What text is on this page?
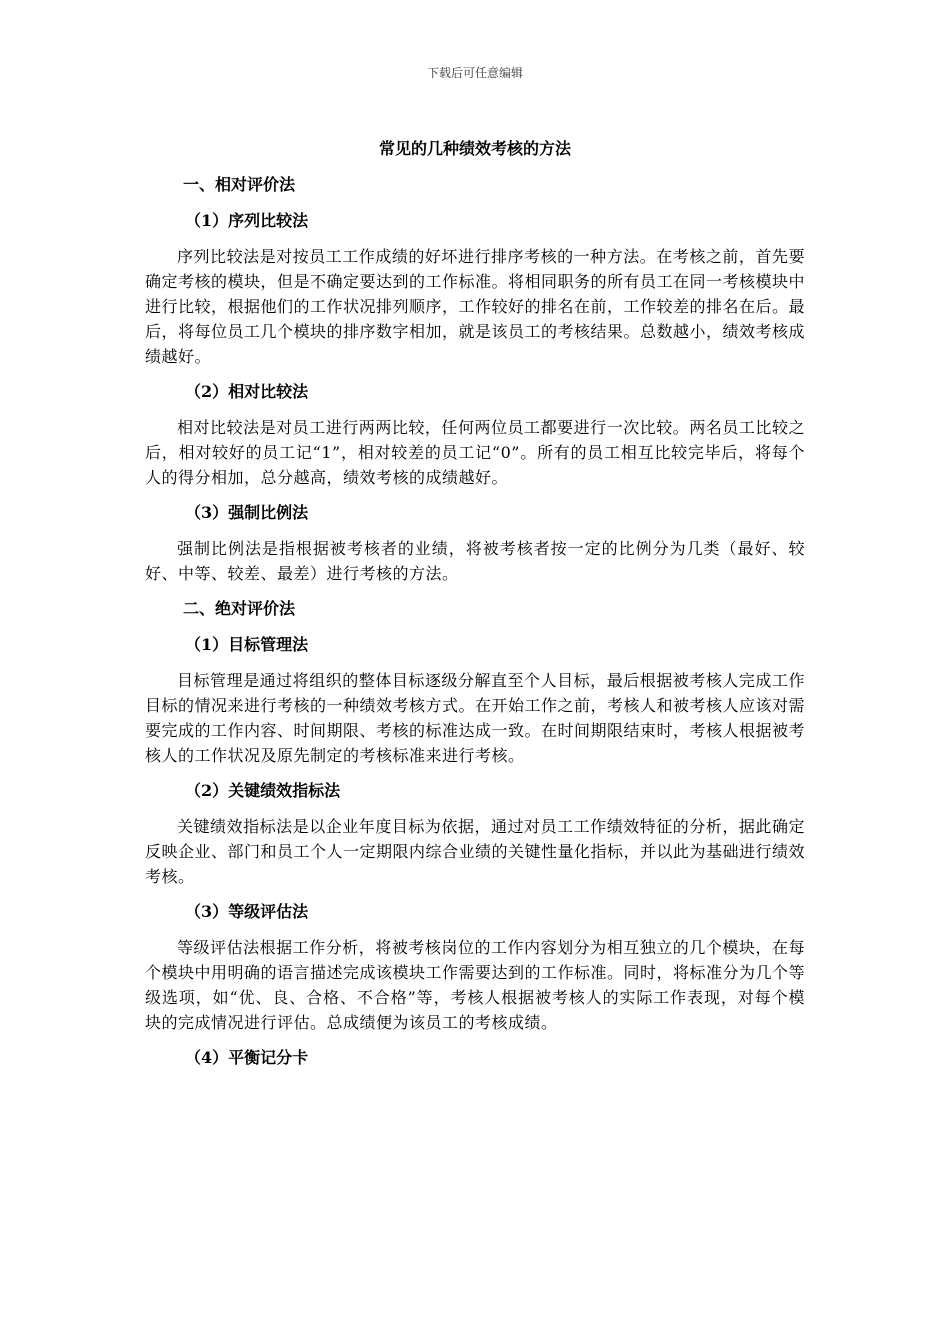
下载后可任意编辑
常见的几种绩效考核的方法
一、相对评价法
（1）序列比较法
序列比较法是对按员工工作成绩的好坏进行排序考核的一种方法。在考核之前，首先要确定考核的模块，但是不确定要达到的工作标准。将相同职务的所有员工在同一考核模块中进行比较，根据他们的工作状况排列顺序，工作较好的排名在前，工作较差的排名在后。最后，将每位员工几个模块的排序数字相加，就是该员工的考核结果。总数越小，绩效考核成绩越好。
（2）相对比较法
相对比较法是对员工进行两两比较，任何两位员工都要进行一次比较。两名员工比较之后，相对较好的员工记“1”，相对较差的员工记“0”。所有的员工相互比较完毕后，将每个人的得分相加，总分越高，绩效考核的成绩越好。
（3）强制比例法
强制比例法是指根据被考核者的业绩，将被考核者按一定的比例分为几类（最好、较好、中等、较差、最差）进行考核的方法。
二、绝对评价法
（1）目标管理法
目标管理是通过将组织的整体目标逐级分解直至个人目标，最后根据被考核人完成工作目标的情况来进行考核的一种绩效考核方式。在开始工作之前，考核人和被考核人应该对需要完成的工作内容、时间期限、考核的标准达成一致。在时间期限结束时，考核人根据被考核人的工作状况及原先制定的考核标准来进行考核。
（2）关键绩效指标法
关键绩效指标法是以企业年度目标为依据，通过对员工工作绩效特征的分析，据此确定反映企业、部门和员工个人一定期限内综合业绩的关键性量化指标，并以此为基础进行绩效考核。
（3）等级评估法
等级评估法根据工作分析，将被考核岗位的工作内容划分为相互独立的几个模块，在每个模块中用明确的语言描述完成该模块工作需要达到的工作标准。同时，将标准分为几个等级选项，如“优、良、合格、不合格”等，考核人根据被考核人的实际工作表现，对每个模块的完成情况进行评估。总成绩便为该员工的考核成绩。
（4）平衡记分卡
